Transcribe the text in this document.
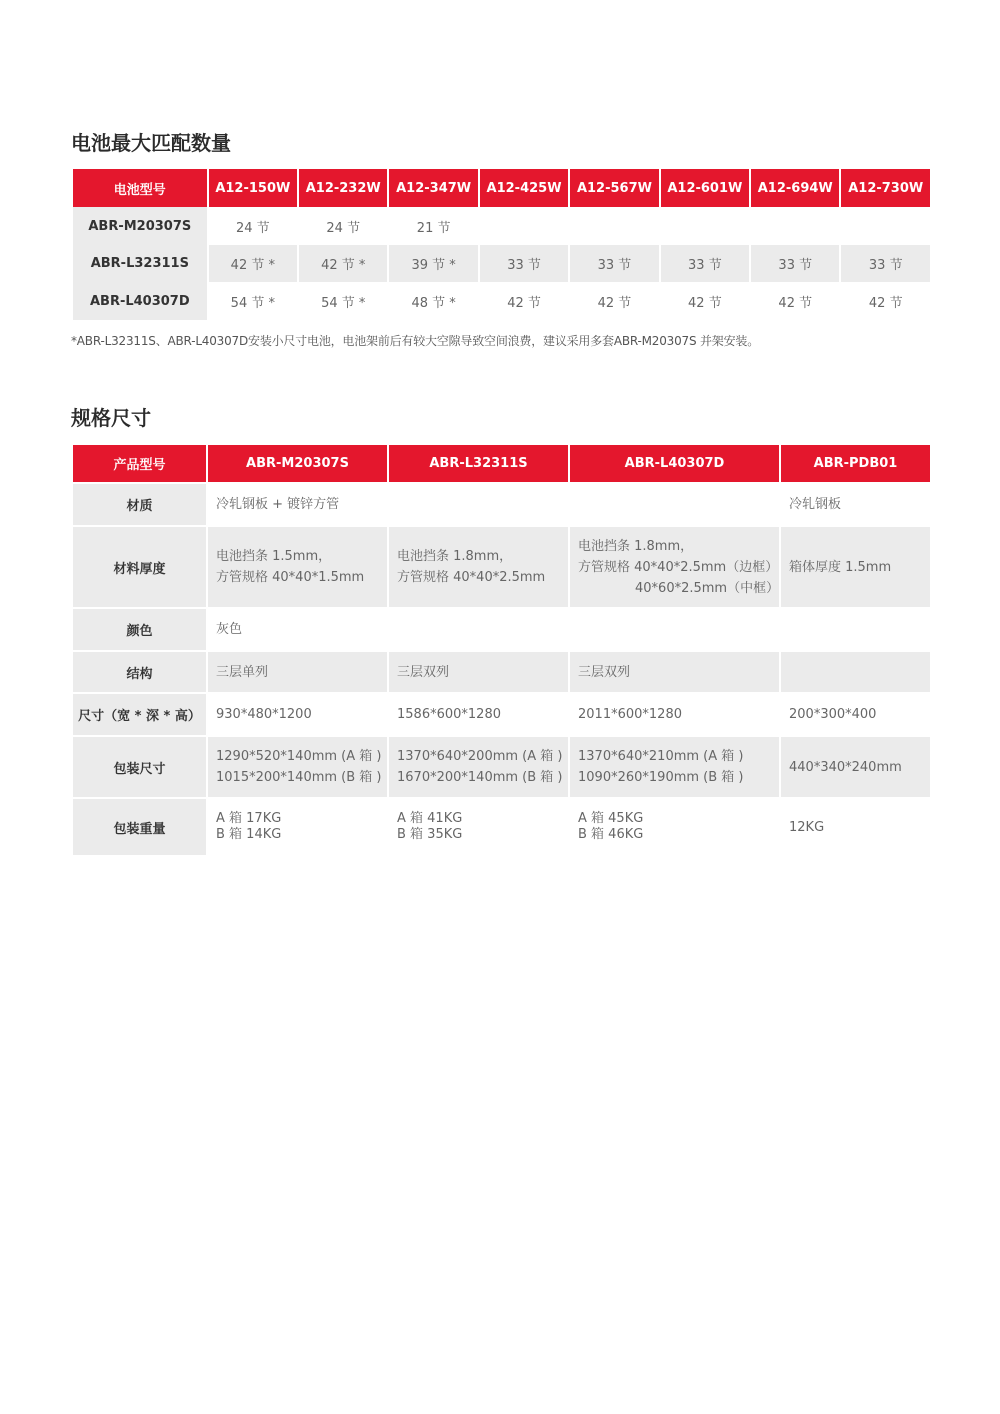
电池最大匹配数量
电池型号	A12-150W	A12-232W	A12-347W	A12-425W	A12-567W	A12-601W	A12-694W	A12-730W
ABR-M20307S	24 节	24 节	21 节					
ABR-L32311S	42 节 *	42 节 *	39 节 *	33 节	33 节	33 节	33 节	33 节
ABR-L40307D	54 节 *	54 节 *	48 节 *	42 节	42 节	42 节	42 节	42 节

*ABR-L32311S、ABR-L40307D安装小尺寸电池，电池架前后有较大空隙导致空间浪费，建议采用多套ABR-M20307S 并架安装。

规格尺寸
产品型号	ABR-M20307S	ABR-L32311S	ABR-L40307D	ABR-PDB01

材质	冷轧钢板 + 镀锌方管			冷轧钢板

材料厚度	电池挡条 1.5mm，
方管规格 40*40*1.5mm	电池挡条 1.8mm，
方管规格 40*40*2.5mm	电池挡条 1.8mm，
方管规格 40*40*2.5mm（边框）
40*60*2.5mm（中框）	箱体厚度 1.5mm

颜色	灰色			

结构	三层单列	三层双列	三层双列	

尺寸（宽 * 深 * 高）	930*480*1200	1586*600*1280	2011*600*1280	200*300*400

包装尺寸	1290*520*140mm (A 箱 )
1015*200*140mm (B 箱 )	1370*640*200mm (A 箱 )
1670*200*140mm (B 箱 )	1370*640*210mm (A 箱 )
1090*260*190mm (B 箱 )	440*340*240mm

包装重量	A 箱 17KG
B 箱 14KG	A 箱 41KG
B 箱 35KG	A 箱 45KG
B 箱 46KG	12KG
